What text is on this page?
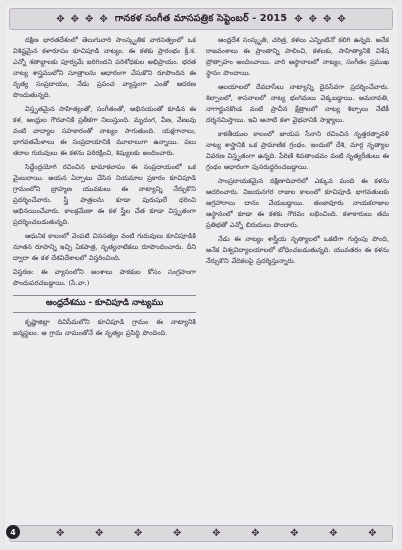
✥ ✥ ✥ ✥ గానకళ సంగీత మాసపత్రిక సెప్టెంబర్ - 2015 ✥ ✥ ✥ ✥

దక్షిణ భారతదేశంలో తెలుగువారి సాంస్కృతిక వారసత్వంలో ఒక విశిష్టమైన కళారూపం కూచిపూడి నాట్యం. ఈ కళకు ప్రారంభం క్రీ.శ. ఎన్నో శతాబ్దాలకు పూర్వమే జరిగిందని పరిశోధకుల అభిప్రాయం. భరత నాట్య శాస్త్రములోని సూత్రాలను ఆధారంగా చేసుకొని రూపొందిన ఈ నృత్య సంప్రదాయం, నేడు ప్రపంచ వ్యాప్తంగా ఎంతో ఆదరణ పొందుతున్నది.

విస్తృతమైన సాహిత్యంతో, సంగీతంతో, అభినయంతో కూడిన ఈ కళ, ఆంధ్రుల గౌరవానికి ప్రతీకగా నిలుస్తుంది. మృదంగ, వీణ, వేణువు వంటి వాద్యాల సహకారంతో నాట్యం సాగుతుంది. యక్షగానాలు, భాగవతమేళాలు ఈ సంప్రదాయానికి మూలాలుగా ఉన్నాయి. పలు తరాల గురువులు ఈ కళను పరిరక్షించి, శిష్యులకు అందించారు.

సిద్ధేంద్రయోగి రచించిన భామాకలాపం ఈ సంప్రదాయంలో ఒక మైలురాయి. ఆయన ఏర్పాటు చేసిన నియమాల ప్రకారం కూచిపూడి గ్రామంలోని బ్రాహ్మణ యువకులు ఈ నాట్యాన్ని నేర్చుకొని ప్రదర్శించేవారు. స్త్రీ పాత్రలను కూడా పురుషులే ధరించి అభినయించేవారు. కాలక్రమేణా ఈ కళ స్త్రీల చేత కూడా విస్తృతంగా ప్రదర్శించబడుతున్నది.

ఆధునిక కాలంలో వెంపటి చినసత్యం వంటి గురువులు కూచిపూడికి నూతన రూపాన్ని ఇచ్చి ఏకపాత్ర, నృత్యనాటికలు రూపొందించారు. దీని ద్వారా ఈ కళ దేశవిదేశాలలో విస్తరించింది.

విస్తరణ: ఈ వ్యాసంలోని అంశాలు పాఠకుల కోసం సంగ్రహంగా పొందుపరచబడ్డాయి. (సే.వా.)

ఆంధ్రదేశము - కూచిపూడి నాట్యము

కృష్ణాజిల్లా దివిసీమలోని కూచిపూడి గ్రామం ఈ నాట్యానికి జన్మస్థలం. ఆ గ్రామ నామంతోనే ఈ నృత్యం ప్రసిద్ధి పొందింది.

ఆంధ్రదేశ సంస్కృతి, చరిత్ర, కళలు ఎన్నింటినో కలిగి ఉన్నది. అనేక రాజవంశాలు ఈ ప్రాంతాన్ని పాలించి, కళలకు, సాహిత్యానికి విశేష ప్రోత్సాహం అందించాయి. వారి ఆస్థానాలలో నాట్యం, సంగీతం ప్రముఖ స్థానం పొందాయి.

ఆలయాలలో దేవదాసీలు నాట్యాన్ని దైవసేవగా ప్రదర్శించేవారు. శిల్పాలలో, శాసనాలలో నాట్య భంగిమలు చెక్కబడ్డాయి. అమరావతి, నాగార్జునకొండ వంటి ప్రాచీన క్షేత్రాలలో నాట్య శిల్పాలు నేటికీ దర్శనమిస్తాయి. ఇవి ఆనాటి కళా వైభవానికి సాక్ష్యాలు.

కాకతీయుల కాలంలో జాయప సేనాని రచించిన నృత్తరత్నావళి నాట్య శాస్త్రానికి ఒక ప్రామాణిక గ్రంథం. ఇందులో దేశి, మార్గ నృత్యాల వివరణ విస్తృతంగా ఉన్నది. పేరిణి శివతాండవం వంటి నృత్యరీతులు ఈ గ్రంథం ఆధారంగా పునరుద్ధరించబడ్డాయి.

సాంప్రదాయకమైన దక్షిణాదివారిలో ఎక్కువ మంది ఈ కళను ఆదరించారు. విజయనగర రాజుల కాలంలో కూచిపూడి భాగవతులకు అగ్రహారాలు దానం చేయబడ్డాయి. తంజావూరు నాయకరాజుల ఆస్థానంలో కూడా ఈ కళకు గౌరవం లభించింది. కళాకారులు తమ ప్రతిభతో ఎన్నో బిరుదులు పొందారు.

నేడు ఈ నాట్యం శాస్త్రీయ నృత్యాలలో ఒకటిగా గుర్తింపు పొంది, అనేక విశ్వవిద్యాలయాలలో బోధించబడుతున్నది. యువతరం ఈ కళను నేర్చుకొని వేదికలపై ప్రదర్శిస్తున్నారు.

✥	✥	✥	✥	✥	✥	✥	✥	✥
4
